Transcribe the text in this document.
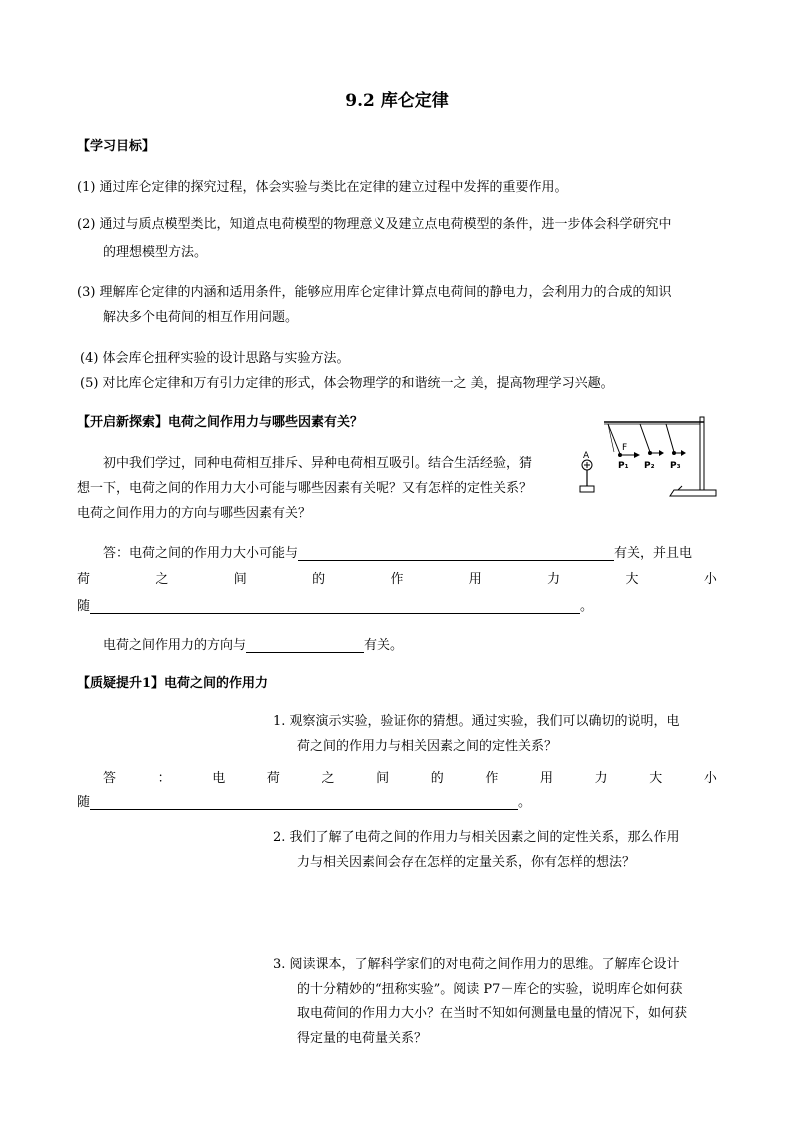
9.2 库仑定律
【学习目标】
(1) 通过库仑定律的探究过程，体会实验与类比在定律的建立过程中发挥的重要作用。
(2) 通过与质点模型类比，知道点电荷模型的物理意义及建立点电荷模型的条件，进一步体会科学研究中
的理想模型方法。
(3) 理解库仑定律的内涵和适用条件，能够应用库仑定律计算点电荷间的静电力，会利用力的合成的知识
解决多个电荷间的相互作用问题。
(4) 体会库仑扭秤实验的设计思路与实验方法。
(5) 对比库仑定律和万有引力定律的形式，体会物理学的和谐统一之 美，提高物理学习兴趣。
【开启新探索】电荷之间作用力与哪些因素有关？
初中我们学过，同种电荷相互排斥、异种电荷相互吸引。结合生活经验，猜
想一下，电荷之间的作用力大小可能与哪些因素有关呢？又有怎样的定性关系？
电荷之间作用力的方向与哪些因素有关？
A
F
P₁ P₂ P₃
答：电荷之间的作用力大小可能与	有关，并且电
荷	之	间	的	作	用	力	大	小
随	。
电荷之间作用力的方向与	有关。
【质疑提升1】电荷之间的作用力
1. 观察演示实验，验证你的猜想。通过实验，我们可以确切的说明，电
荷之间的作用力与相关因素之间的定性关系？
答	：	电	荷	之	间	的	作	用	力	大	小
随	。
2. 我们了解了电荷之间的作用力与相关因素之间的定性关系，那么作用
力与相关因素间会存在怎样的定量关系，你有怎样的想法？
3. 阅读课本，了解科学家们的对电荷之间作用力的思维。了解库仑设计
的十分精妙的“扭称实验”。阅读 P7－库仑的实验，说明库仑如何获
取电荷间的作用力大小？在当时不知如何测量电量的情况下，如何获
得定量的电荷量关系？
